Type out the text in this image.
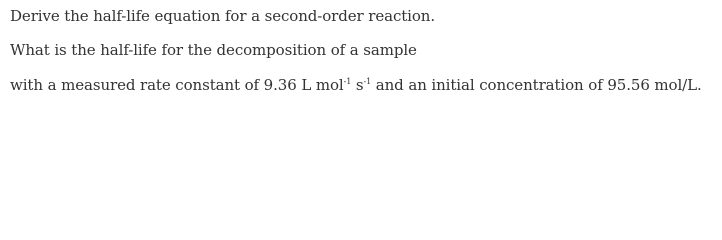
Derive the half-life equation for a second-order reaction.
What is the half-life for the decomposition of a sample
with a measured rate constant of 9.36 L mol$^{-1}$ $s^{-1}$ and an initial concentration of 95.56 mol/L.
